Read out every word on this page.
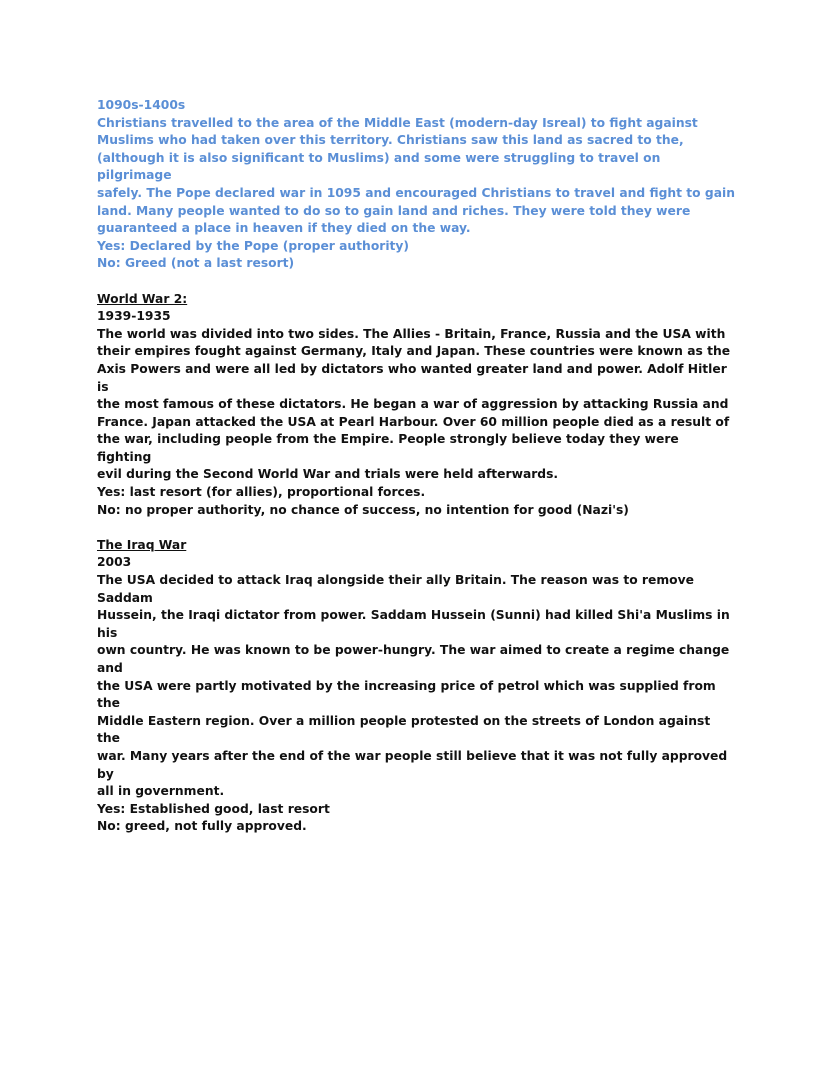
1090s-1400s
Christians travelled to the area of the Middle East (modern-day Isreal) to fight against
Muslims who had taken over this territory. Christians saw this land as sacred to the,
(although it is also significant to Muslims) and some were struggling to travel on pilgrimage
safely. The Pope declared war in 1095 and encouraged Christians to travel and fight to gain
land. Many people wanted to do so to gain land and riches. They were told they were
guaranteed a place in heaven if they died on the way.
Yes: Declared by the Pope (proper authority)
No: Greed (not a last resort)
World War 2:
1939-1935
The world was divided into two sides. The Allies - Britain, France, Russia and the USA with
their empires fought against Germany, Italy and Japan. These countries were known as the
Axis Powers and were all led by dictators who wanted greater land and power. Adolf Hitler is
the most famous of these dictators. He began a war of aggression by attacking Russia and
France. Japan attacked the USA at Pearl Harbour. Over 60 million people died as a result of
the war, including people from the Empire. People strongly believe today they were fighting
evil during the Second World War and trials were held afterwards.
Yes: last resort (for allies), proportional forces.
No: no proper authority, no chance of success, no intention for good (Nazi's)
The Iraq War
2003
The USA decided to attack Iraq alongside their ally Britain. The reason was to remove Saddam
Hussein, the Iraqi dictator from power. Saddam Hussein (Sunni) had killed Shi'a Muslims in his
own country. He was known to be power-hungry. The war aimed to create a regime change and
the USA were partly motivated by the increasing price of petrol which was supplied from the
Middle Eastern region. Over a million people protested on the streets of London against the
war. Many years after the end of the war people still believe that it was not fully approved by
all in government.
Yes: Established good, last resort
No: greed, not fully approved.
